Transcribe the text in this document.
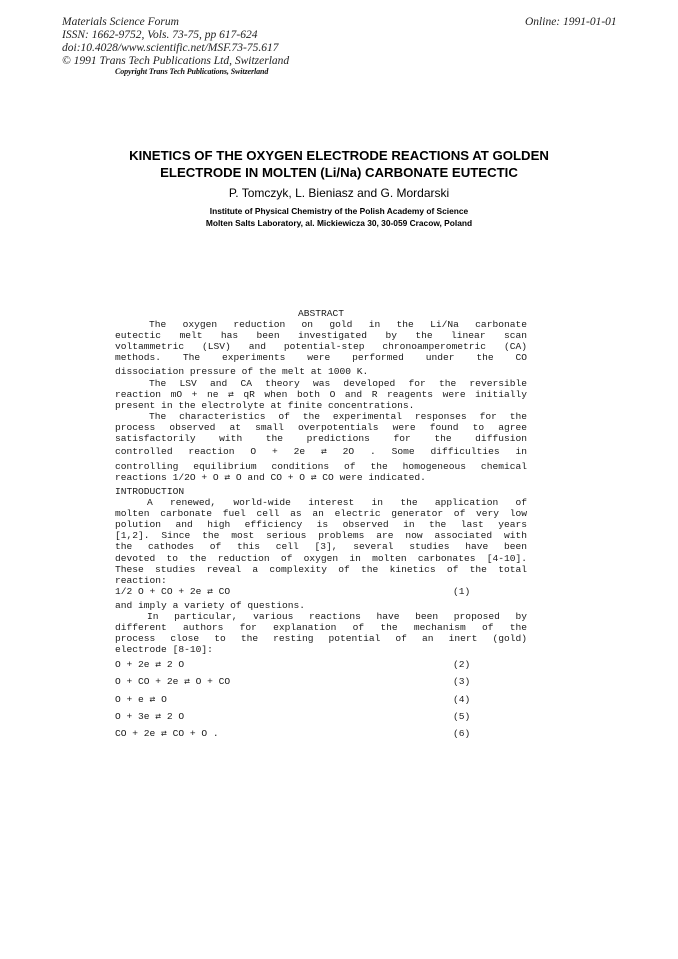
Materials Science Forum
ISSN: 1662-9752, Vols. 73-75, pp 617-624
doi:10.4028/www.scientific.net/MSF.73-75.617
© 1991 Trans Tech Publications Ltd, Switzerland
Online: 1991-01-01
Copyright Trans Tech Publications, Switzerland
KINETICS OF THE OXYGEN ELECTRODE REACTIONS AT GOLDEN
ELECTRODE IN MOLTEN (Li/Na) CARBONATE EUTECTIC
P. Tomczyk, L. Bieniasz and G. Mordarski
Institute of Physical Chemistry of the Polish Academy of Science
Molten Salts Laboratory, al. Mickiewicza 30, 30-059 Cracow, Poland
ABSTRACT
The oxygen reduction on gold in the Li/Na carbonate
eutectic melt has been investigated by the linear scan
voltammetric (LSV) and potential-step chronoamperometric (CA)
methods. The experiments were performed under the CO
dissociation pressure of the melt at 1000 K.
The LSV and CA theory was developed for the reversible
reaction mO + ne ⇄ qR when both O and R reagents were initially
present in the electrolyte at finite concentrations.
The characteristics of the experimental responses for the
process observed at small overpotentials were found to agree
satisfactorily with the predictions for the diffusion
controlled reaction O + 2e ⇄ 2O . Some difficulties in
controlling equilibrium conditions of the homogeneous chemical
reactions 1/2O + O ⇄ O and CO + O ⇄ CO were indicated.
INTRODUCTION
A renewed, world-wide interest in the application of
molten carbonate fuel cell as an electric generator of very low
polution and high efficiency is observed in the last years
[1,2]. Since the most serious problems are now associated with
the cathodes of this cell [3], several studies have been
devoted to the reduction of oxygen in molten carbonates [4-10].
These studies reveal a complexity of the kinetics of the total
reaction:
1/2 O + CO + 2e ⇄ CO	(1)
and imply a variety of questions.
In particular, various reactions have been proposed by
different authors for explanation of the mechanism of the
process close to the resting potential of an inert (gold)
electrode [8-10]:
O + 2e ⇄ 2 O	(2)
O + CO + 2e ⇄ O + CO	(3)
O + e ⇄ O	(4)
O + 3e ⇄ 2 O	(5)
CO + 2e ⇄ CO + O .	(6)
